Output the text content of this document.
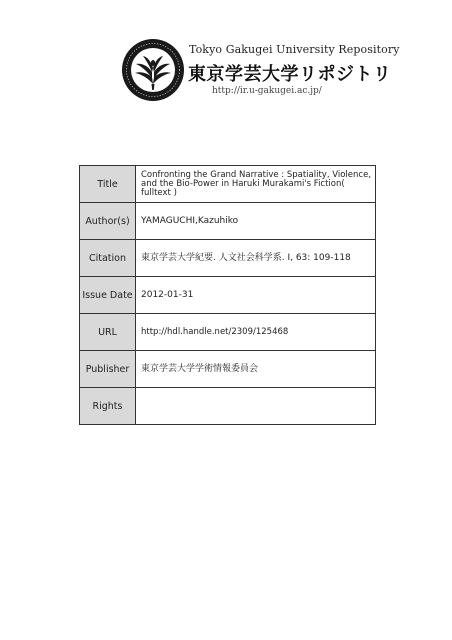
Tokyo Gakugei University Repository
東京学芸大学リポジトリ
http://ir.u-gakugei.ac.jp/
Title	Confronting the Grand Narrative : Spatiality, Violence, and the Bio-Power in Haruki Murakami's Fiction( fulltext )
Author(s)	YAMAGUCHI,Kazuhiko
Citation	東京学芸大学紀要. 人文社会科学系. I, 63: 109-118
Issue Date	2012-01-31
URL	http://hdl.handle.net/2309/125468
Publisher	東京学芸大学学術情報委員会
Rights	
